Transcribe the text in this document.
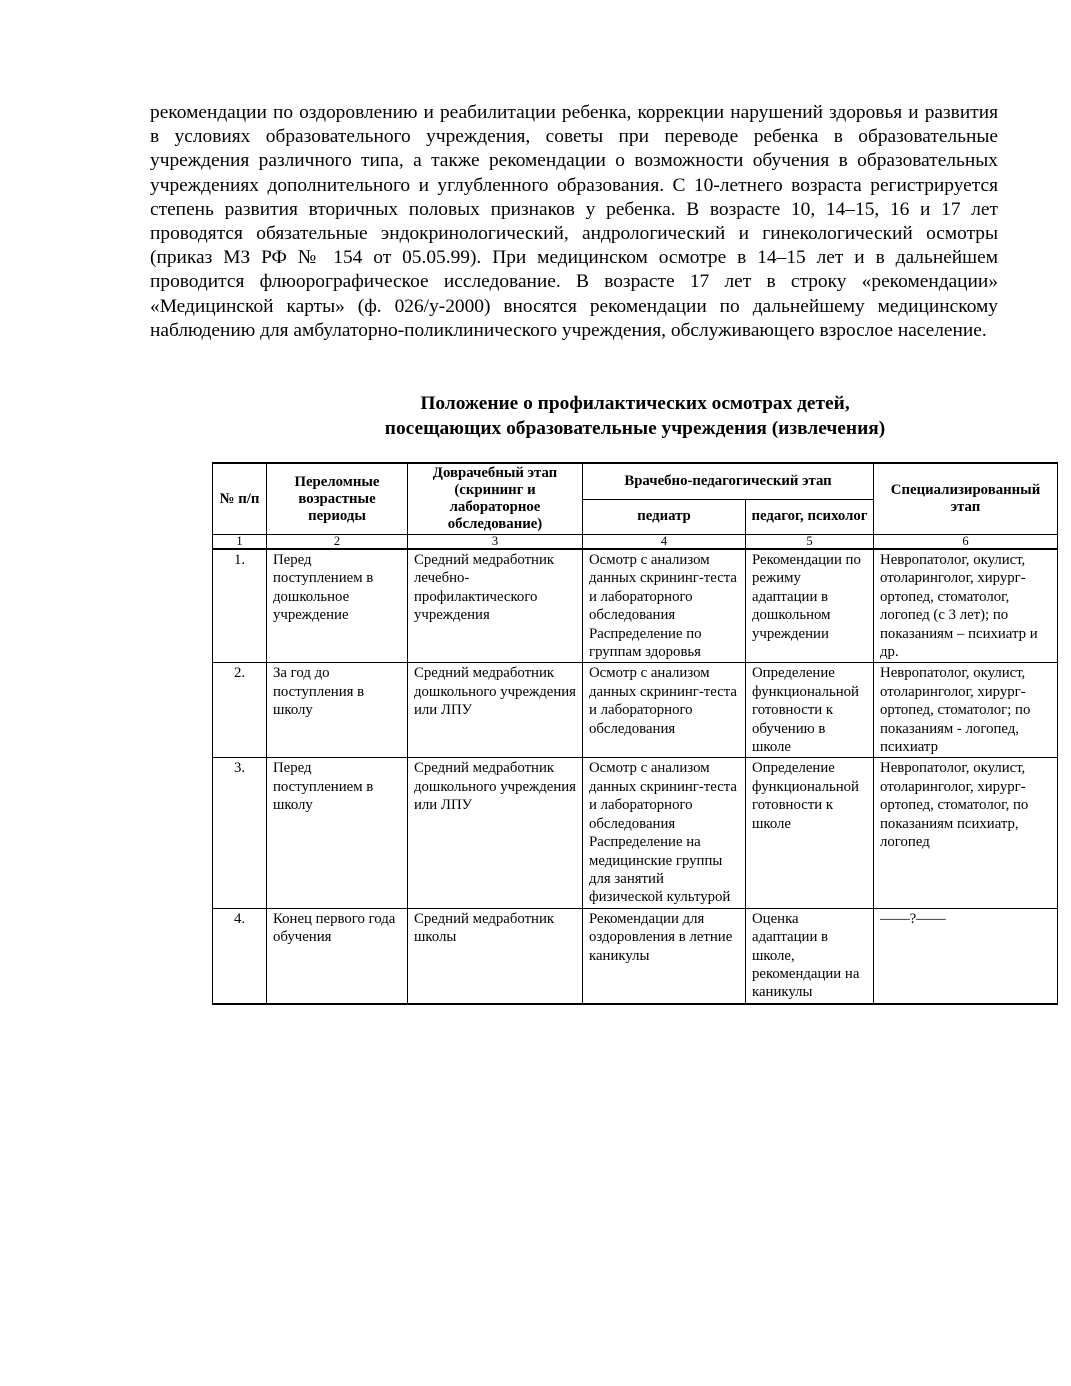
рекомендации по оздоровлению и реабилитации ребенка, коррекции нарушений здоровья и развития в условиях образовательного учреждения, советы при переводе ребенка в образовательные учреждения различного типа, а также рекомендации о возможности обучения в образовательных учреждениях дополнительного и углубленного образования. С 10-летнего возраста регистрируется степень развития вторичных половых признаков у ребенка. В возрасте 10, 14–15, 16 и 17 лет проводятся обязательные эндокринологический, андрологический и гинекологический осмотры (приказ МЗ РФ № 154 от 05.05.99). При медицинском осмотре в 14–15 лет и в дальнейшем проводится флюорографическое исследование. В возрасте 17 лет в строку «рекомендации» «Медицинской карты» (ф. 026/у-2000) вносятся рекомендации по дальнейшему медицинскому наблюдению для амбулаторно-поликлинического учреждения, обслуживающего взрослое население.

Положение о профилактических осмотрах детей,
посещающих образовательные учреждения (извлечения)
№ п/п	Переломные возрастные периоды	Доврачебный этап (скрининг и лабораторное обследование)	Врачебно-педагогический этап		Специализированный этап
			педиатр	педагог, психолог	
1	2	3	4	5	6
1.	Перед поступлением в дошкольное учреждение	Средний медработник лечебно-профилактического учреждения	Осмотр с анализом данных скрининг-теста и лабораторного обследования Распределение по группам здоровья	Рекомендации по режиму адаптации в дошкольном учреждении	Невропатолог, окулист, отоларинголог, хирург-ортопед, стоматолог, логопед (с 3 лет); по показаниям – психиатр и др.
2.	За год до поступления в школу	Средний медработник дошкольного учреждения или ЛПУ	Осмотр с анализом данных скрининг-теста и лабораторного обследования	Определение функциональной готовности к обучению в школе	Невропатолог, окулист, отоларинголог, хирург-ортопед, стоматолог; по показаниям - логопед, психиатр
3.	Перед поступлением в школу	Средний медработник дошкольного учреждения или ЛПУ	Осмотр с анализом данных скрининг-теста и лабораторного обследования Распределение на медицинские группы для занятий физической культурой	Определение функциональной готовности к школе	Невропатолог, окулист, отоларинголог, хирург-ортопед, стоматолог, по показаниям психиатр, логопед
4.	Конец первого года обучения	Средний медработник школы	Рекомендации для оздоровления в летние каникулы	Оценка адаптации в школе, рекомендации на каникулы	——?——
